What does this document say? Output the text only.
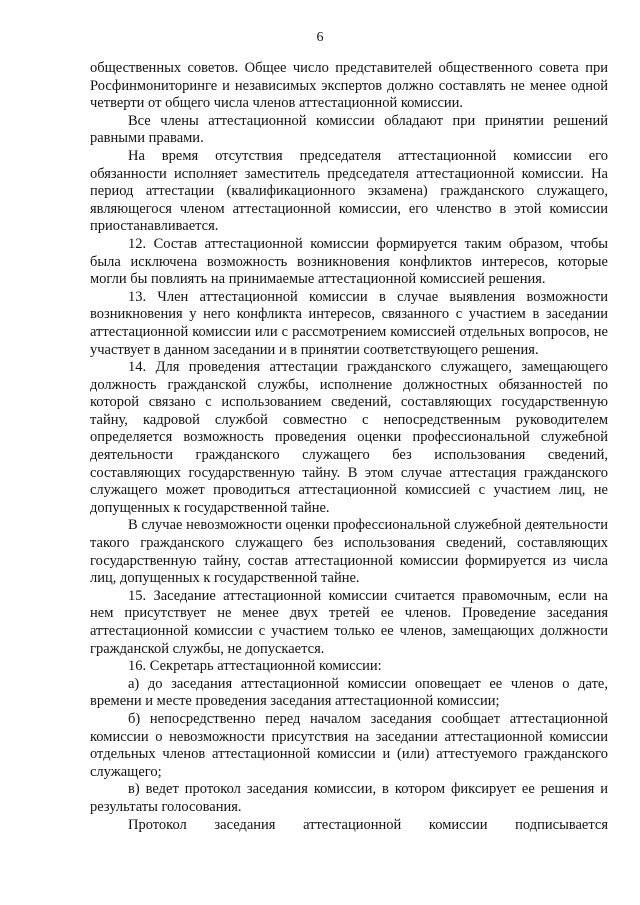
6

общественных советов. Общее число представителей общественного совета при Росфинмониторинге и независимых экспертов должно составлять не менее одной четверти от общего числа членов аттестационной комиссии.

Все члены аттестационной комиссии обладают при принятии решений равными правами.

На время отсутствия председателя аттестационной комиссии его обязанности исполняет заместитель председателя аттестационной комиссии. На период аттестации (квалификационного экзамена) гражданского служащего, являющегося членом аттестационной комиссии, его членство в этой комиссии приостанавливается.

12. Состав аттестационной комиссии формируется таким образом, чтобы была исключена возможность возникновения конфликтов интересов, которые могли бы повлиять на принимаемые аттестационной комиссией решения.

13. Член аттестационной комиссии в случае выявления возможности возникновения у него конфликта интересов, связанного с участием в заседании аттестационной комиссии или с рассмотрением комиссией отдельных вопросов, не участвует в данном заседании и в принятии соответствующего решения.

14. Для проведения аттестации гражданского служащего, замещающего должность гражданской службы, исполнение должностных обязанностей по которой связано с использованием сведений, составляющих государственную тайну, кадровой службой совместно с непосредственным руководителем определяется возможность проведения оценки профессиональной служебной деятельности гражданского служащего без использования сведений, составляющих государственную тайну. В этом случае аттестация гражданского служащего может проводиться аттестационной комиссией с участием лиц, не допущенных к государственной тайне.

В случае невозможности оценки профессиональной служебной деятельности такого гражданского служащего без использования сведений, составляющих государственную тайну, состав аттестационной комиссии формируется из числа лиц, допущенных к государственной тайне.

15. Заседание аттестационной комиссии считается правомочным, если на нем присутствует не менее двух третей ее членов. Проведение заседания аттестационной комиссии с участием только ее членов, замещающих должности гражданской службы, не допускается.

16. Секретарь аттестационной комиссии:

а) до заседания аттестационной комиссии оповещает ее членов о дате, времени и месте проведения заседания аттестационной комиссии;

б) непосредственно перед началом заседания сообщает аттестационной комиссии о невозможности присутствия на заседании аттестационной комиссии отдельных членов аттестационной комиссии и (или) аттестуемого гражданского служащего;

в) ведет протокол заседания комиссии, в котором фиксирует ее решения и результаты голосования.

Протокол заседания аттестационной комиссии подписывается
